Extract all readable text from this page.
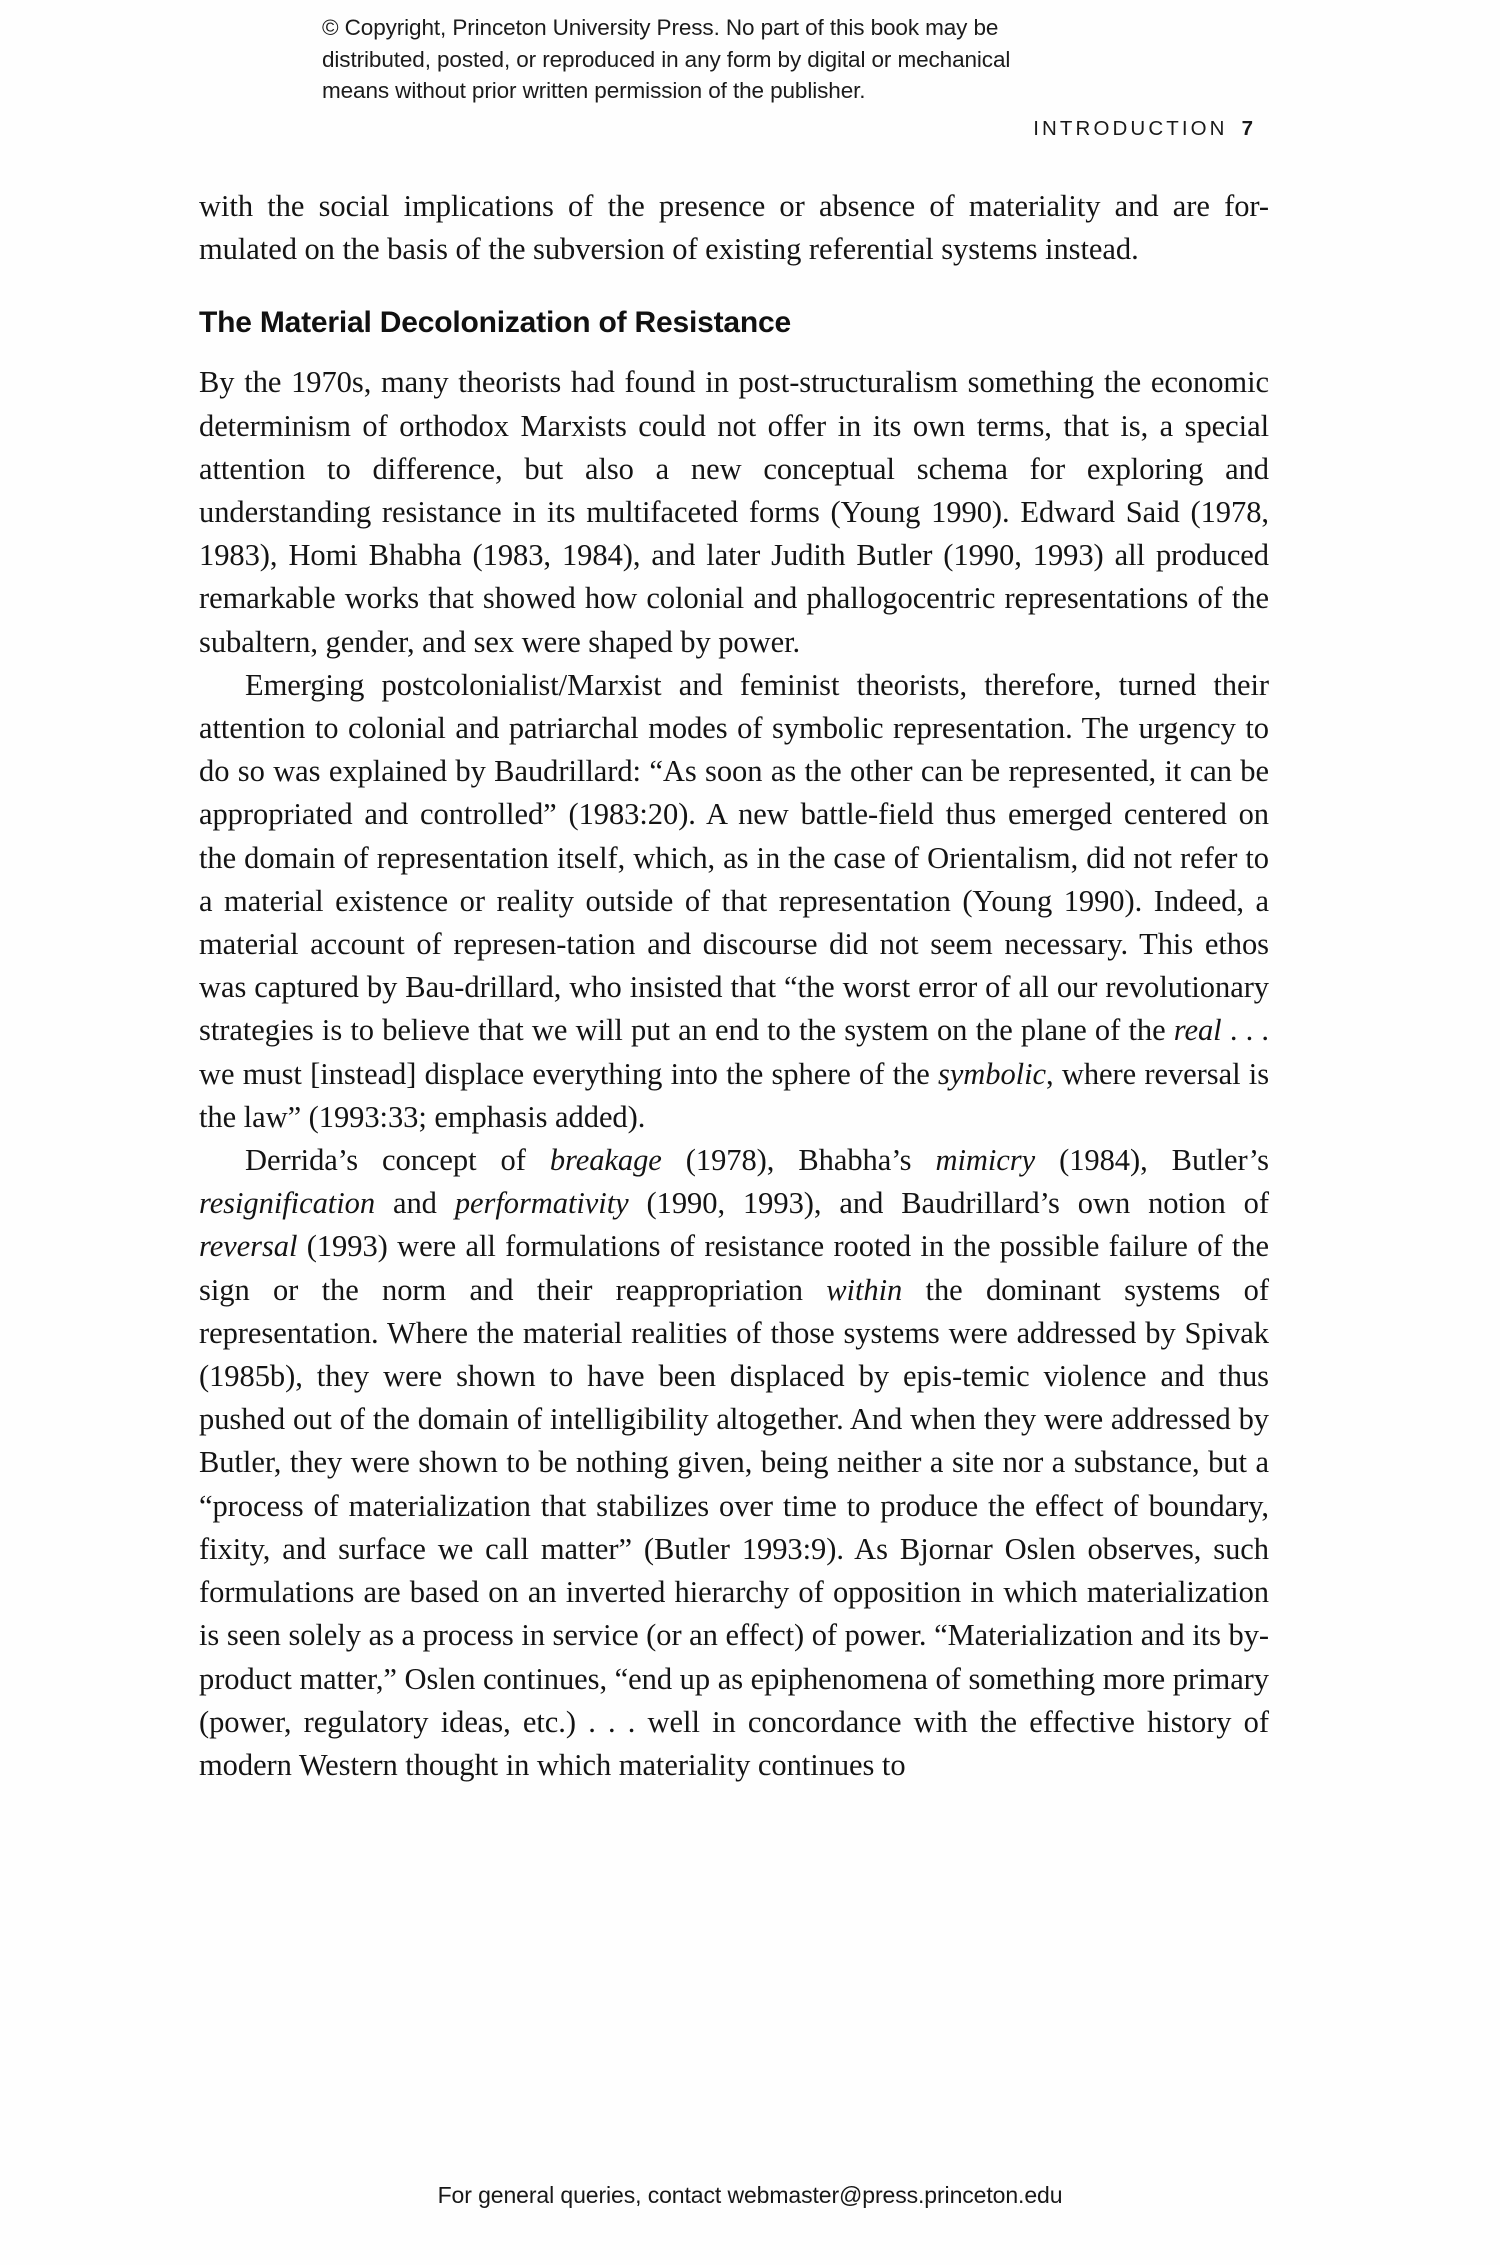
© Copyright, Princeton University Press. No part of this book may be
distributed, posted, or reproduced in any form by digital or mechanical
means without prior written permission of the publisher.
INTRODUCTION 7

with the social implications of the presence or absence of materiality and are for-mulated on the basis of the subversion of existing referential systems instead.

The Material Decolonization of Resistance

By the 1970s, many theorists had found in post-structuralism something the economic determinism of orthodox Marxists could not offer in its own terms, that is, a special attention to difference, but also a new conceptual schema for exploring and understanding resistance in its multifaceted forms (Young 1990). Edward Said (1978, 1983), Homi Bhabha (1983, 1984), and later Judith Butler (1990, 1993) all produced remarkable works that showed how colonial and phallogocentric representations of the subaltern, gender, and sex were shaped by power.

Emerging postcolonialist/Marxist and feminist theorists, therefore, turned their attention to colonial and patriarchal modes of symbolic representation. The urgency to do so was explained by Baudrillard: “As soon as the other can be represented, it can be appropriated and controlled” (1983:20). A new battle-field thus emerged centered on the domain of representation itself, which, as in the case of Orientalism, did not refer to a material existence or reality outside of that representation (Young 1990). Indeed, a material account of represen-tation and discourse did not seem necessary. This ethos was captured by Bau-drillard, who insisted that “the worst error of all our revolutionary strategies is to believe that we will put an end to the system on the plane of the real . . . we must [instead] displace everything into the sphere of the symbolic, where reversal is the law” (1993:33; emphasis added).

Derrida’s concept of breakage (1978), Bhabha’s mimicry (1984), Butler’s resignification and performativity (1990, 1993), and Baudrillard’s own notion of reversal (1993) were all formulations of resistance rooted in the possible failure of the sign or the norm and their reappropriation within the dominant systems of representation. Where the material realities of those systems were addressed by Spivak (1985b), they were shown to have been displaced by epis-temic violence and thus pushed out of the domain of intelligibility altogether. And when they were addressed by Butler, they were shown to be nothing given, being neither a site nor a substance, but a “process of materialization that stabilizes over time to produce the effect of boundary, fixity, and surface we call matter” (Butler 1993:9). As Bjornar Oslen observes, such formulations are based on an inverted hierarchy of opposition in which materialization is seen solely as a process in service (or an effect) of power. “Materialization and its by-product matter,” Oslen continues, “end up as epiphenomena of something more primary (power, regulatory ideas, etc.) . . . well in concordance with the effective history of modern Western thought in which materiality continues to

For general queries, contact webmaster@press.princeton.edu
